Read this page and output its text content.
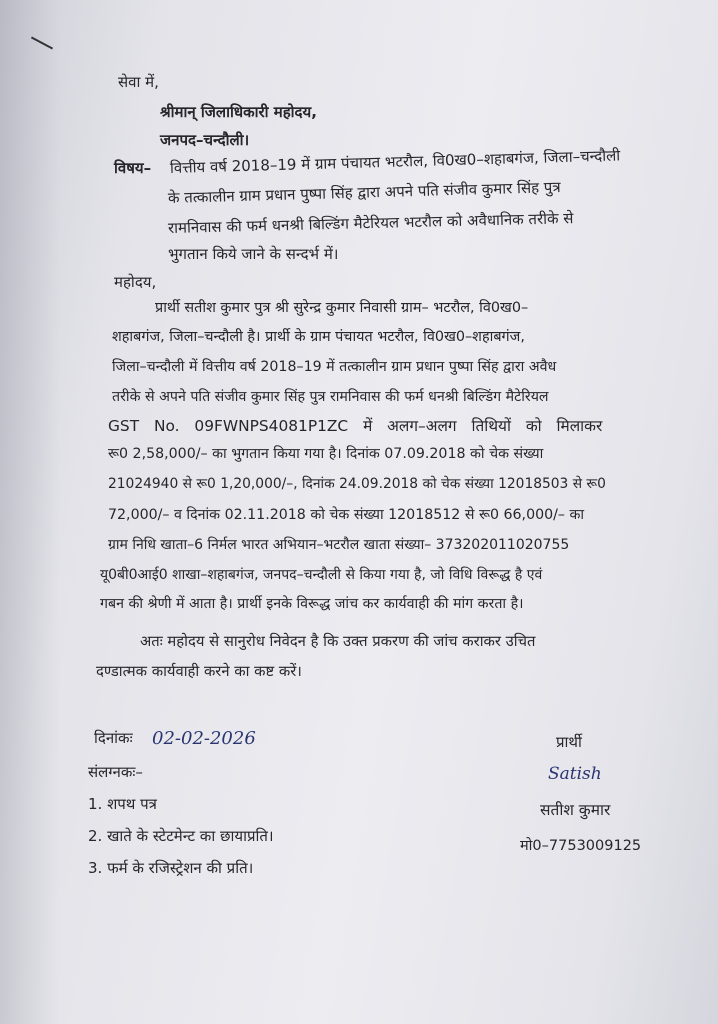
सेवा में,
श्रीमान् जिलाधिकारी महोदय,
जनपद–चन्दौली।
विषय– वित्तीय वर्ष 2018–19 में ग्राम पंचायत भटरौल, वि0ख0–शहाबगंज, जिला–चन्दौली
के तत्कालीन ग्राम प्रधान पुष्पा सिंह द्वारा अपने पति संजीव कुमार सिंह पुत्र
रामनिवास की फर्म धनश्री बिल्डिंग मैटेरियल भटरौल को अवैधानिक तरीके से
भुगतान किये जाने के सन्दर्भ में।
महोदय,
प्रार्थी सतीश कुमार पुत्र श्री सुरेन्द्र कुमार निवासी ग्राम– भटरौल, वि0ख0–
शहाबगंज, जिला–चन्दौली है। प्रार्थी के ग्राम पंचायत भटरौल, वि0ख0–शहाबगंज,
जिला–चन्दौली में वित्तीय वर्ष 2018–19 में तत्कालीन ग्राम प्रधान पुष्पा सिंह द्वारा अवैध
तरीके से अपने पति संजीव कुमार सिंह पुत्र रामनिवास की फर्म धनश्री बिल्डिंग मैटेरियल
GST No. 09FWNPS4081P1ZC में अलग–अलग तिथियों को मिलाकर
रू0 2,58,000/– का भुगतान किया गया है। दिनांक 07.09.2018 को चेक संख्या
21024940 से रू0 1,20,000/–, दिनांक 24.09.2018 को चेक संख्या 12018503 से रू0
72,000/– व दिनांक 02.11.2018 को चेक संख्या 12018512 से रू0 66,000/– का
ग्राम निधि खाता–6 निर्मल भारत अभियान–भटरौल खाता संख्या– 373202011020755
यू0बी0आई0 शाखा–शहाबगंज, जनपद–चन्दौली से किया गया है, जो विधि विरूद्ध है एवं
गबन की श्रेणी में आता है। प्रार्थी इनके विरूद्ध जांच कर कार्यवाही की मांग करता है।
अतः महोदय से सानुरोध निवेदन है कि उक्त प्रकरण की जांच कराकर उचित
दण्डात्मक कार्यवाही करने का कष्ट करें।
दिनांकः 02-02-2026
संलग्नकः–
1. शपथ पत्र
2. खाते के स्टेटमेन्ट का छायाप्रति।
3. फर्म के रजिस्ट्रेशन की प्रति।
प्रार्थी
Satish
सतीश कुमार
मो0–7753009125
